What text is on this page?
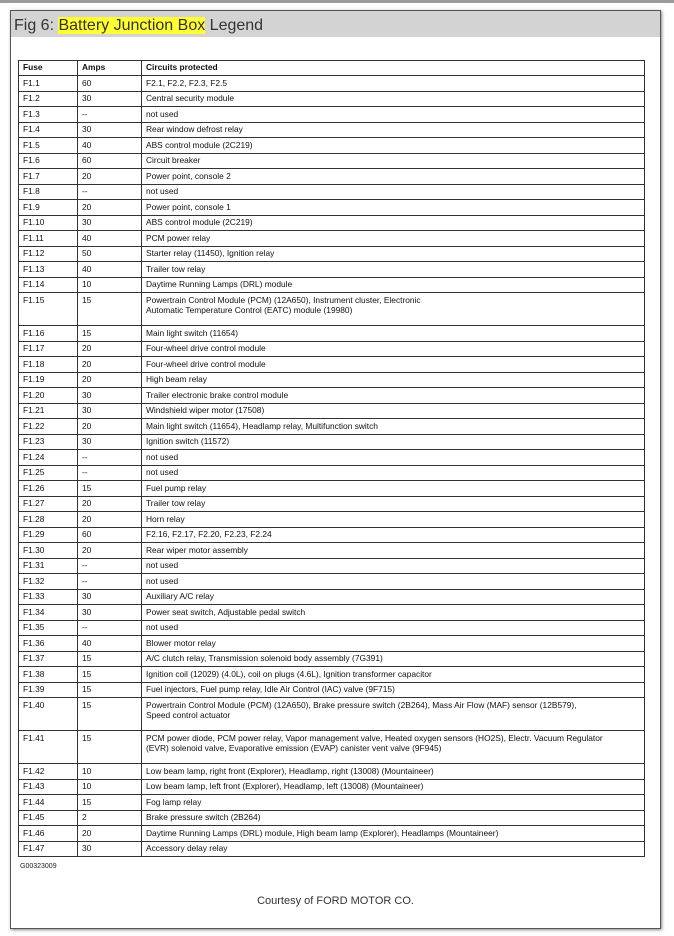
Fig 6: Battery Junction Box Legend
Fuse	Amps	Circuits protected
F1.1	60	F2.1, F2.2, F2.3, F2.5
F1.2	30	Central security module
F1.3	--	not used
F1.4	30	Rear window defrost relay
F1.5	40	ABS control module (2C219)
F1.6	60	Circuit breaker
F1.7	20	Power point, console 2
F1.8	--	not used
F1.9	20	Power point, console 1
F1.10	30	ABS control module (2C219)
F1.11	40	PCM power relay
F1.12	50	Starter relay (11450), Ignition relay
F1.13	40	Trailer tow relay
F1.14	10	Daytime Running Lamps (DRL) module
F1.15	15	Powertrain Control Module (PCM) (12A650), Instrument cluster, Electronic
Automatic Temperature Control (EATC) module (19980)
F1.16	15	Main light switch (11654)
F1.17	20	Four-wheel drive control module
F1.18	20	Four-wheel drive control module
F1.19	20	High beam relay
F1.20	30	Trailer electronic brake control module
F1.21	30	Windshield wiper motor (17508)
F1.22	20	Main light switch (11654), Headlamp relay, Multifunction switch
F1.23	30	Ignition switch (11572)
F1.24	--	not used
F1.25	--	not used
F1.26	15	Fuel pump relay
F1.27	20	Trailer tow relay
F1.28	20	Horn relay
F1.29	60	F2.16, F2.17, F2.20, F2.23, F2.24
F1.30	20	Rear wiper motor assembly
F1.31	--	not used
F1.32	--	not used
F1.33	30	Auxiliary A/C relay
F1.34	30	Power seat switch, Adjustable pedal switch
F1.35	--	not used
F1.36	40	Blower motor relay
F1.37	15	A/C clutch relay, Transmission solenoid body assembly (7G391)
F1.38	15	Ignition coil (12029) (4.0L), coil on plugs (4.6L), Ignition transformer capacitor
F1.39	15	Fuel injectors, Fuel pump relay, Idle Air Control (IAC) valve (9F715)
F1.40	15	Powertrain Control Module (PCM) (12A650), Brake pressure switch (2B264), Mass Air Flow (MAF) sensor (12B579),
Speed control actuator
F1.41	15	PCM power diode, PCM power relay, Vapor management valve, Heated oxygen sensors (HO2S), Electr. Vacuum Regulator
(EVR) solenoid valve, Evaporative emission (EVAP) canister vent valve (9F945)
F1.42	10	Low beam lamp, right front (Explorer), Headlamp, right (13008) (Mountaineer)
F1.43	10	Low beam lamp, left front (Explorer), Headlamp, left (13008) (Mountaineer)
F1.44	15	Fog lamp relay
F1.45	2	Brake pressure switch (2B264)
F1.46	20	Daytime Running Lamps (DRL) module, High beam lamp (Explorer), Headlamps (Mountaineer)
F1.47	30	Accessory delay relay
G00323009
Courtesy of FORD MOTOR CO.
